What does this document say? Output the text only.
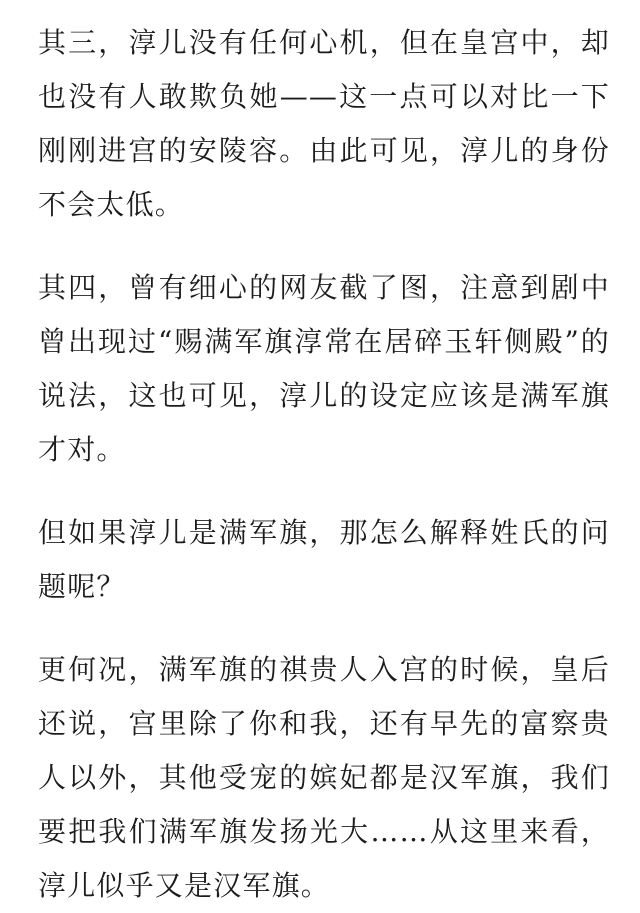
其三，淳儿没有任何心机，但在皇宫中，却也没有人敢欺负她——这一点可以对比一下刚刚进宫的安陵容。由此可见，淳儿的身份不会太低。

其四，曾有细心的网友截了图，注意到剧中曾出现过“赐满军旗淳常在居碎玉轩侧殿”的说法，这也可见，淳儿的设定应该是满军旗才对。

但如果淳儿是满军旗，那怎么解释姓氏的问题呢？

更何况，满军旗的祺贵人入宫的时候，皇后还说，宫里除了你和我，还有早先的富察贵人以外，其他受宠的嫔妃都是汉军旗，我们要把我们满军旗发扬光大……从这里来看，淳儿似乎又是汉军旗。
